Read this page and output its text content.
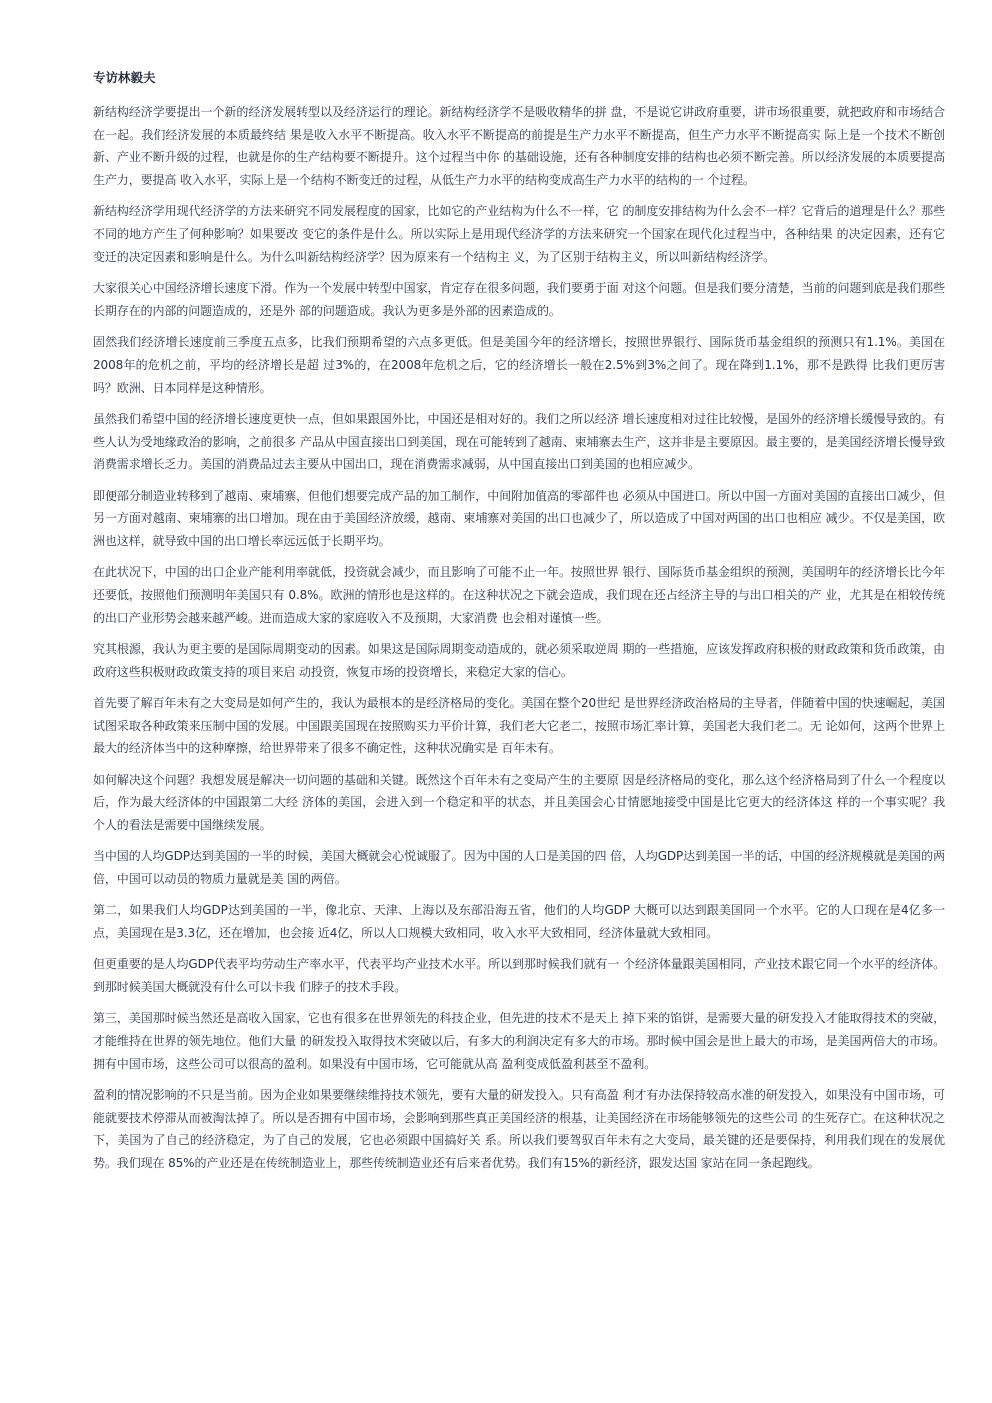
专访林毅夫

新结构经济学要提出一个新的经济发展转型以及经济运行的理论。新结构经济学不是吸收精华的拼 盘，不是说它讲政府重要，讲市场很重要，就把政府和市场结合在一起。我们经济发展的本质最终结 果是收入水平不断提高。收入水平不断提高的前提是生产力水平不断提高，但生产力水平不断提高实 际上是一个技术不断创新、产业不断升级的过程，也就是你的生产结构要不断提升。这个过程当中你 的基础设施，还有各种制度安排的结构也必须不断完善。所以经济发展的本质要提高生产力，要提高 收入水平，实际上是一个结构不断变迁的过程，从低生产力水平的结构变成高生产力水平的结构的一 个过程。

新结构经济学用现代经济学的方法来研究不同发展程度的国家，比如它的产业结构为什么不一样，它 的制度安排结构为什么会不一样？它背后的道理是什么？那些不同的地方产生了何种影响？如果要改 变它的条件是什么。所以实际上是用现代经济学的方法来研究一个国家在现代化过程当中，各种结果 的决定因素，还有它变迁的决定因素和影响是什么。为什么叫新结构经济学？因为原来有一个结构主 义，为了区别于结构主义，所以叫新结构经济学。

大家很关心中国经济增长速度下滑。作为一个发展中转型中国家，肯定存在很多问题，我们要勇于面 对这个问题。但是我们要分清楚，当前的问题到底是我们那些长期存在的内部的问题造成的，还是外 部的问题造成。我认为更多是外部的因素造成的。

固然我们经济增长速度前三季度五点多，比我们预期希望的六点多更低。但是美国今年的经济增长，按照世界银行、国际货币基金组织的预测只有1.1%。美国在2008年的危机之前，平均的经济增长是超 过3%的，在2008年危机之后，它的经济增长一般在2.5%到3%之间了。现在降到1.1%，那不是跌得 比我们更厉害吗？欧洲、日本同样是这种情形。

虽然我们希望中国的经济增长速度更快一点，但如果跟国外比，中国还是相对好的。我们之所以经济 增长速度相对过往比较慢，是国外的经济增长缓慢导致的。有些人认为受地缘政治的影响，之前很多 产品从中国直接出口到美国，现在可能转到了越南、柬埔寨去生产，这并非是主要原因。最主要的，是美国经济增长慢导致消费需求增长乏力。美国的消费品过去主要从中国出口，现在消费需求减弱，从中国直接出口到美国的也相应减少。

即便部分制造业转移到了越南、柬埔寨，但他们想要完成产品的加工制作，中间附加值高的零部件也 必须从中国进口。所以中国一方面对美国的直接出口减少，但另一方面对越南、柬埔寨的出口增加。现在由于美国经济放缓，越南、柬埔寨对美国的出口也减少了，所以造成了中国对两国的出口也相应 减少。不仅是美国，欧洲也这样，就导致中国的出口增长率远远低于长期平均。

在此状况下，中国的出口企业产能利用率就低，投资就会减少，而且影响了可能不止一年。按照世界 银行、国际货币基金组织的预测，美国明年的经济增长比今年还要低，按照他们预测明年美国只有 0.8%。欧洲的情形也是这样的。在这种状况之下就会造成，我们现在还占经济主导的与出口相关的产 业，尤其是在相较传统的出口产业形势会越来越严峻。进而造成大家的家庭收入不及预期，大家消费 也会相对谨慎一些。

究其根源，我认为更主要的是国际周期变动的因素。如果这是国际周期变动造成的，就必须采取逆周 期的一些措施，应该发挥政府积极的财政政策和货币政策，由政府这些积极财政政策支持的项目来启 动投资，恢复市场的投资增长，来稳定大家的信心。

首先要了解百年未有之大变局是如何产生的，我认为最根本的是经济格局的变化。美国在整个20世纪 是世界经济政治格局的主导者，伴随着中国的快速崛起，美国试图采取各种政策来压制中国的发展。中国跟美国现在按照购买力平价计算，我们老大它老二，按照市场汇率计算，美国老大我们老二。无 论如何，这两个世界上最大的经济体当中的这种摩擦，给世界带来了很多不确定性，这种状况确实是 百年未有。

如何解决这个问题？我想发展是解决一切问题的基础和关键。既然这个百年未有之变局产生的主要原 因是经济格局的变化，那么这个经济格局到了什么一个程度以后，作为最大经济体的中国跟第二大经 济体的美国，会进入到一个稳定和平的状态，并且美国会心甘情愿地接受中国是比它更大的经济体这 样的一个事实呢？我个人的看法是需要中国继续发展。

当中国的人均GDP达到美国的一半的时候，美国大概就会心悦诚服了。因为中国的人口是美国的四 倍，人均GDP达到美国一半的话，中国的经济规模就是美国的两倍，中国可以动员的物质力量就是美 国的两倍。

第二，如果我们人均GDP达到美国的一半，像北京、天津、上海以及东部沿海五省，他们的人均GDP 大概可以达到跟美国同一个水平。它的人口现在是4亿多一点，美国现在是3.3亿，还在增加，也会接 近4亿，所以人口规模大致相同，收入水平大致相同，经济体量就大致相同。

但更重要的是人均GDP代表平均劳动生产率水平，代表平均产业技术水平。所以到那时候我们就有一 个经济体量跟美国相同，产业技术跟它同一个水平的经济体。到那时候美国大概就没有什么可以卡我 们脖子的技术手段。

第三，美国那时候当然还是高收入国家，它也有很多在世界领先的科技企业，但先进的技术不是天上 掉下来的馅饼，是需要大量的研发投入才能取得技术的突破，才能维持在世界的领先地位。他们大量 的研发投入取得技术突破以后，有多大的利润决定有多大的市场。那时候中国会是世上最大的市场，是美国两倍大的市场。拥有中国市场，这些公司可以很高的盈利。如果没有中国市场，它可能就从高 盈利变成低盈利甚至不盈利。

盈利的情况影响的不只是当前。因为企业如果要继续维持技术领先，要有大量的研发投入。只有高盈 利才有办法保持较高水准的研发投入，如果没有中国市场，可能就要技术停滞从而被淘汰掉了。所以是否拥有中国市场，会影响到那些真正美国经济的根基，让美国经济在市场能够领先的这些公司 的生死存亡。在这种状况之下，美国为了自己的经济稳定，为了自己的发展，它也必须跟中国搞好关 系。所以我们要驾驭百年未有之大变局，最关键的还是要保持，利用我们现在的发展优势。我们现在 85%的产业还是在传统制造业上，那些传统制造业还有后来者优势。我们有15%的新经济，跟发达国 家站在同一条起跑线。
